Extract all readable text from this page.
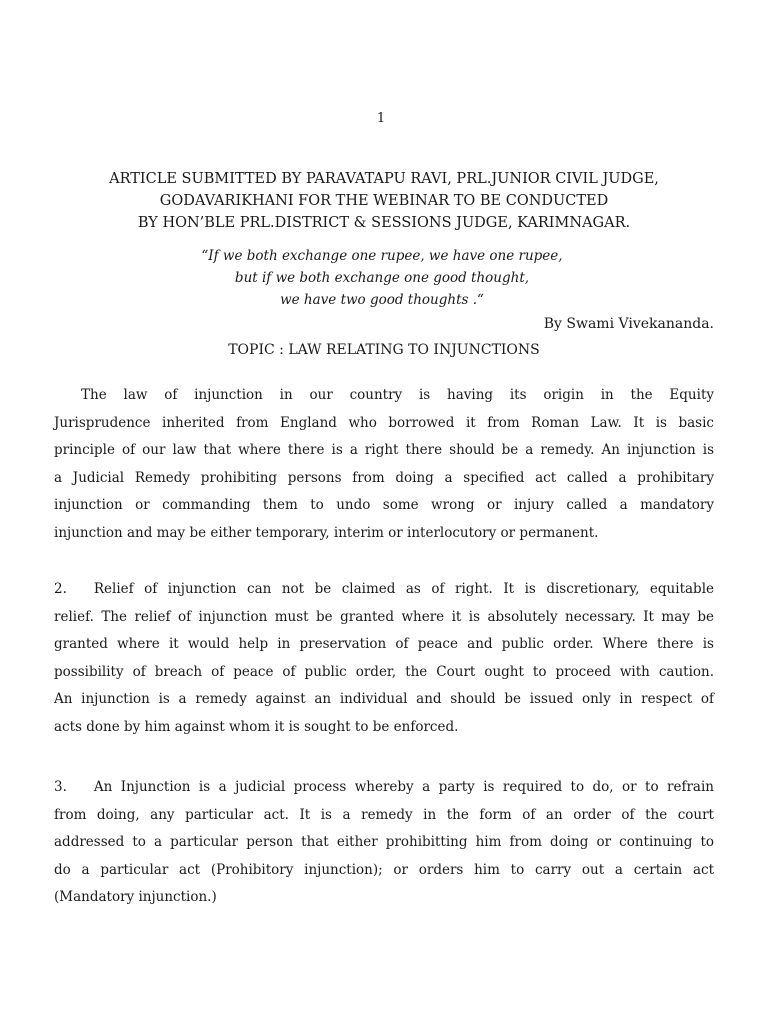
1
ARTICLE SUBMITTED BY PARAVATAPU RAVI, PRL.JUNIOR CIVIL JUDGE,
GODAVARIKHANI FOR THE WEBINAR TO BE CONDUCTED
BY HON’BLE PRL.DISTRICT & SESSIONS JUDGE, KARIMNAGAR.
“If we both exchange one rupee, we have one rupee,
but if we both exchange one good thought,
we have two good thoughts .“
By Swami Vivekananda.
TOPIC : LAW RELATING TO INJUNCTIONS
  The law of injunction in our country is having its origin in the Equity
Jurisprudence inherited from England who borrowed it from Roman Law. It is basic
principle of our law that where there is a right there should be a remedy. An injunction is
a Judicial Remedy prohibiting persons from doing a specified act called a prohibitary
injunction or commanding them to undo some wrong or injury called a mandatory
injunction and may be either temporary, interim or interlocutory or permanent.
2.  Relief of injunction can not be claimed as of right. It is discretionary, equitable
relief. The relief of injunction must be granted where it is absolutely necessary. It may be
granted where it would help in preservation of peace and public order. Where there is
possibility of breach of peace of public order, the Court ought to proceed with caution.
An injunction is a remedy against an individual and should be issued only in respect of
acts done by him against whom it is sought to be enforced.
3.  An Injunction is a judicial process whereby a party is required to do, or to refrain
from doing, any particular act. It is a remedy in the form of an order of the court
addressed to a particular person that either prohibitting him from doing or continuing to
do a particular act (Prohibitory injunction); or orders him to carry out a certain act
(Mandatory injunction.)
